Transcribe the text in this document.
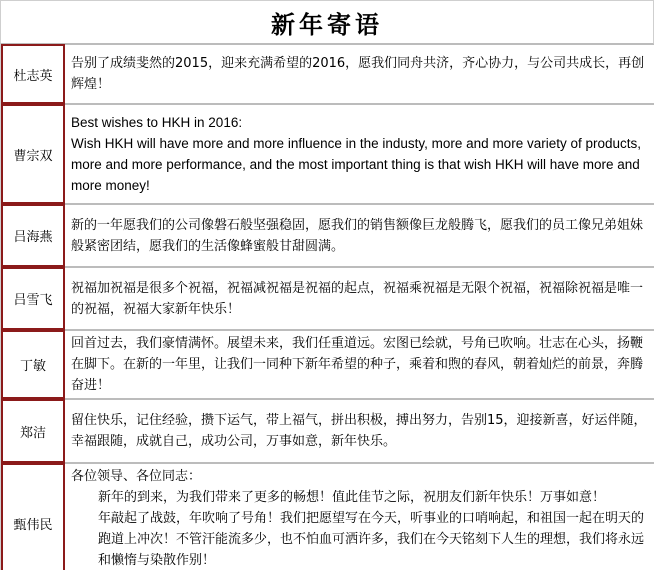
新年寄语
杜志英	告别了成绩斐然的2015，迎来充满希望的2016，愿我们同舟共济，齐心协力，与公司共成长，再创辉煌！

曹宗双	Best wishes to HKH in 2016:
Wish HKH will have more and more influence in the industy, more and more variety of products, more and more performance, and the most important thing is that wish HKH will have more and more money!

吕海燕	新的一年愿我们的公司像磐石般坚强稳固，愿我们的销售额像巨龙般腾飞，愿我们的员工像兄弟姐妹般紧密团结，愿我们的生活像蜂蜜般甘甜圆满。

吕雪飞	祝福加祝福是很多个祝福，祝福减祝福是祝福的起点，祝福乘祝福是无限个祝福，祝福除祝福是唯一的祝福，祝福大家新年快乐！

丁敏	回首过去，我们豪情满怀。展望未来，我们任重道远。宏图已绘就，号角已吹响。壮志在心头，扬鞭在脚下。在新的一年里，让我们一同种下新年希望的种子，乘着和煦的春风，朝着灿烂的前景，奔腾奋进！

郑洁	留住快乐，记住经验，攒下运气，带上福气，拼出积极，搏出努力，告别15，迎接新喜，好运伴随，幸福跟随，成就自己，成功公司，万事如意，新年快乐。

甄伟民	各位领导、各位同志：
新年的到来，为我们带来了更多的畅想！值此佳节之际，祝朋友们新年快乐！万事如意！
年敲起了战鼓，年吹响了号角！我们把愿望写在今天，听事业的口哨响起，和祖国一起在明天的跑道上冲次！不管汗能流多少，也不怕血可洒许多，我们在今天铭刻下人生的理想，我们将永远和懒惰与染散作别！
